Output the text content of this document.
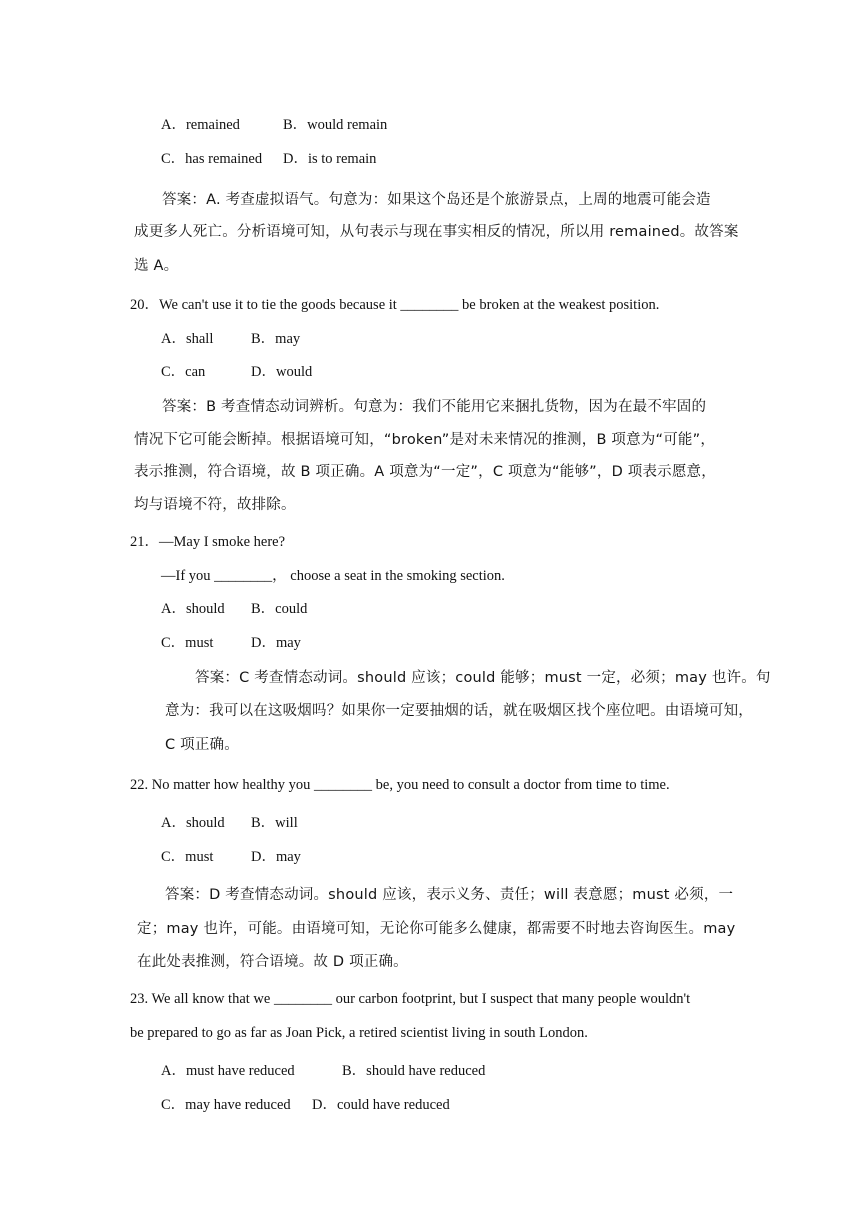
A．remained	B．would remain
C．has remained D．is to remain
答案：A. 考查虚拟语气。句意为：如果这个岛还是个旅游景点，上周的地震可能会造
成更多人死亡。分析语境可知，从句表示与现在事实相反的情况，所以用 remained。故答案
选 A。
20．We can't use it to tie the goods because it ________ be broken at the weakest position.
A．shall	B．may
C．can	D．would
答案：B 考查情态动词辨析。句意为：我们不能用它来捆扎货物，因为在最不牢固的
情况下它可能会断掉。根据语境可知，“broken”是对未来情况的推测，B 项意为“可能”，
表示推测，符合语境，故 B 项正确。A 项意为“一定”，C 项意为“能够”，D 项表示愿意，
均与语境不符，故排除。
21．—May I smoke here?
—If you ________， choose a seat in the smoking section.
A．should B．could
C．must	D．may
答案：C 考查情态动词。should 应该；could 能够；must 一定，必须；may 也许。句
意为：我可以在这吸烟吗？如果你一定要抽烟的话，就在吸烟区找个座位吧。由语境可知，
C 项正确。
22. No matter how healthy you ________ be, you need to consult a doctor from time to time.
A．should B．will
C．must	D．may
答案：D 考查情态动词。should 应该，表示义务、责任；will 表意愿；must 必须，一
定；may 也许，可能。由语境可知，无论你可能多么健康，都需要不时地去咨询医生。may
在此处表推测，符合语境。故 D 项正确。
23. We all know that we ________ our carbon footprint, but I suspect that many people wouldn't
be prepared to go as far as Joan Pick, a retired scientist living in south London.
A．must have reduced	B．should have reduced
C．may have reduced D．could have reduced
